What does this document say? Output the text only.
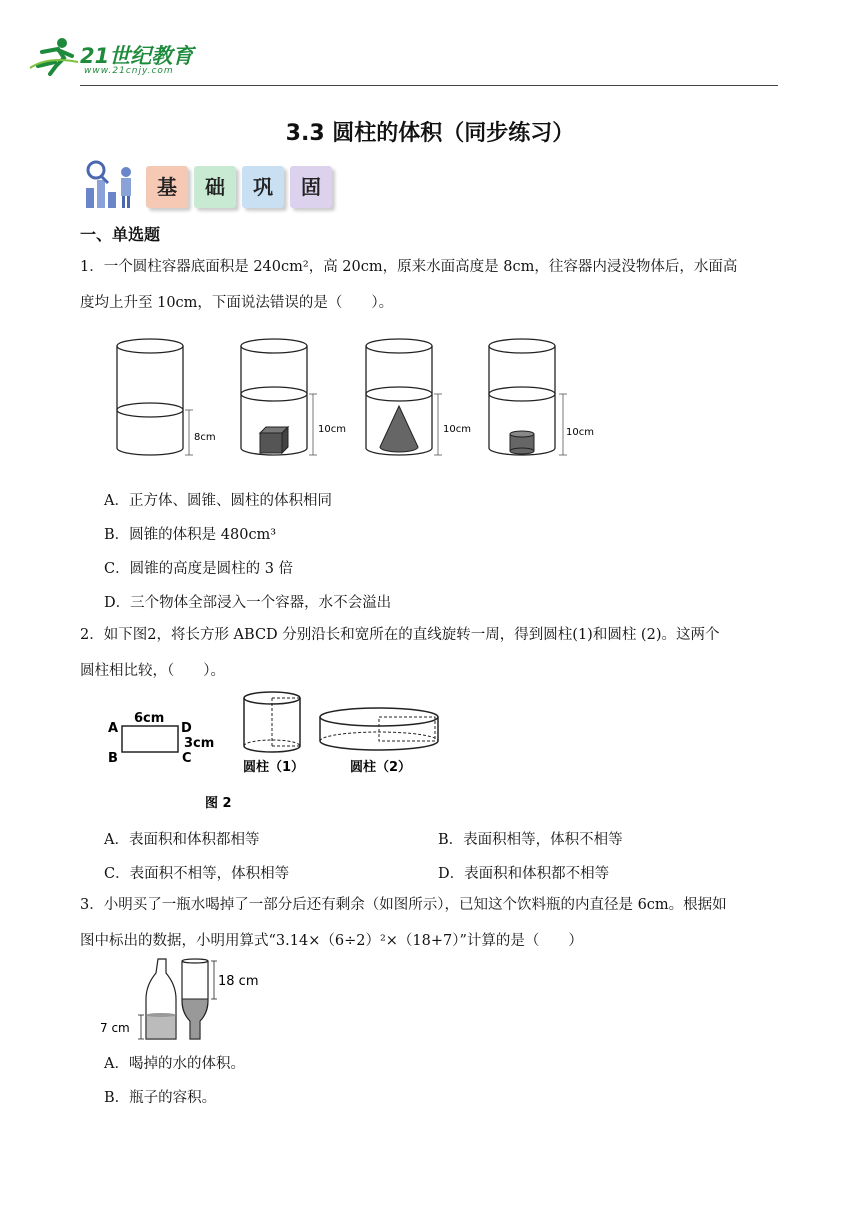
21世纪教育
www.21cnjy.com
3.3 圆柱的体积（同步练习）
基	础	巩	固
一、单选题
1．一个圆柱容器底面积是 240cm²，高 20cm，原来水面高度是 8cm，往容器内浸没物体后，水面高
度均上升至 10cm，下面说法错误的是（　　）。
8cm
10cm	10cm	10cm
A．正方体、圆锥、圆柱的体积相同
B．圆锥的体积是 480cm³
C．圆锥的高度是圆柱的 3 倍
D．三个物体全部浸入一个容器，水不会溢出
2．如下图2，将长方形 ABCD 分别沿长和宽所在的直线旋转一周，得到圆柱(1)和圆柱 (2)。这两个
圆柱相比较，（　　）。
A
B	C
D
6cm
3cm
圆柱（1）	圆柱（2）
图 2
A．表面积和体积都相等	B．表面积相等，体积不相等
C．表面积不相等，体积相等	D．表面积和体积都不相等
3．小明买了一瓶水喝掉了一部分后还有剩余（如图所示），已知这个饮料瓶的内直径是 6cm。根据如
图中标出的数据，小明用算式“3.14×（6÷2）²×（18+7）”计算的是（　　）
7 cm
18 cm
A．喝掉的水的体积。
B．瓶子的容积。
